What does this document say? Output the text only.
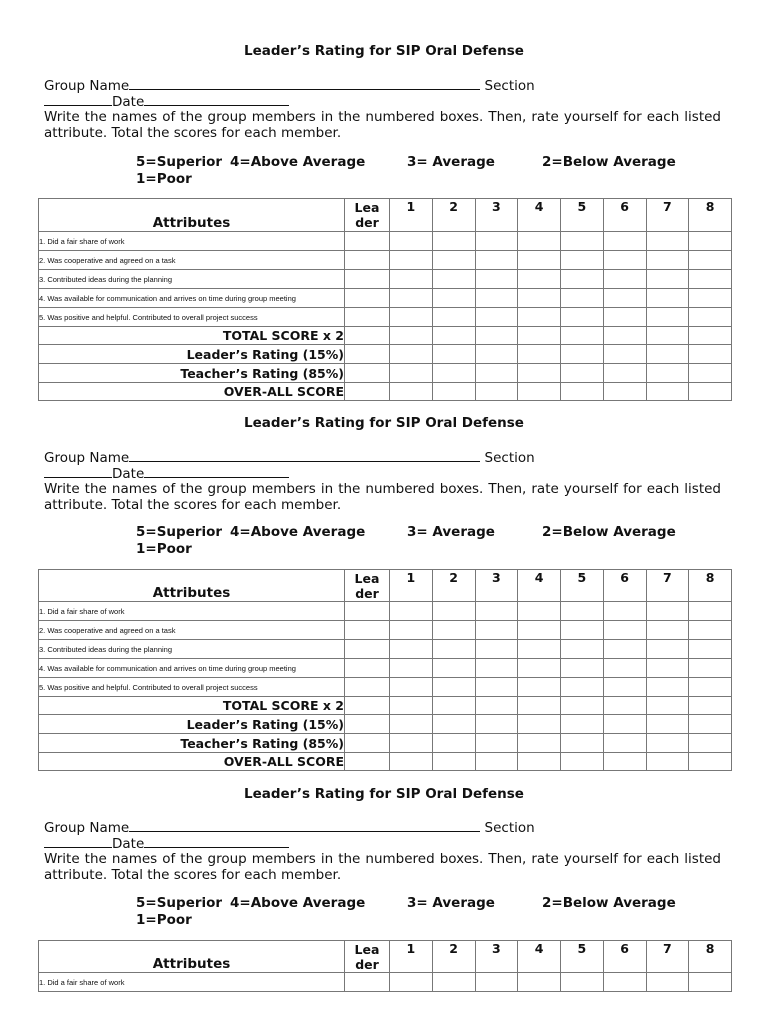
Leader’s Rating for SIP Oral Defense
Group Name	Section
Date
Write the names of the group members in the numbered boxes. Then, rate yourself for each listed attribute. Total the scores for each member.
5=Superior 4=Above Average	3= Average	2=Below Average
1=Poor
Attributes	Lea
der	1	2	3	4	5	6	7	8
1. Did a fair share of work									
2. Was cooperative and agreed on a task									
3. Contributed ideas during the planning									
4. Was available for communication and arrives on time during group meeting									
5. Was positive and helpful. Contributed to overall project success									
TOTAL SCORE x 2									
Leader’s Rating (15%)									
Teacher’s Rating (85%)									
OVER-ALL SCORE									
Leader’s Rating for SIP Oral Defense
Group Name	Section
Date
Write the names of the group members in the numbered boxes. Then, rate yourself for each listed attribute. Total the scores for each member.
5=Superior 4=Above Average	3= Average	2=Below Average
1=Poor
Attributes	Lea
der	1	2	3	4	5	6	7	8
1. Did a fair share of work									
2. Was cooperative and agreed on a task									
3. Contributed ideas during the planning									
4. Was available for communication and arrives on time during group meeting									
5. Was positive and helpful. Contributed to overall project success									
TOTAL SCORE x 2									
Leader’s Rating (15%)									
Teacher’s Rating (85%)									
OVER-ALL SCORE									
Leader’s Rating for SIP Oral Defense
Group Name	Section
Date
Write the names of the group members in the numbered boxes. Then, rate yourself for each listed attribute. Total the scores for each member.
5=Superior 4=Above Average	3= Average	2=Below Average
1=Poor
Attributes	Lea
der	1	2	3	4	5	6	7	8
1. Did a fair share of work									
